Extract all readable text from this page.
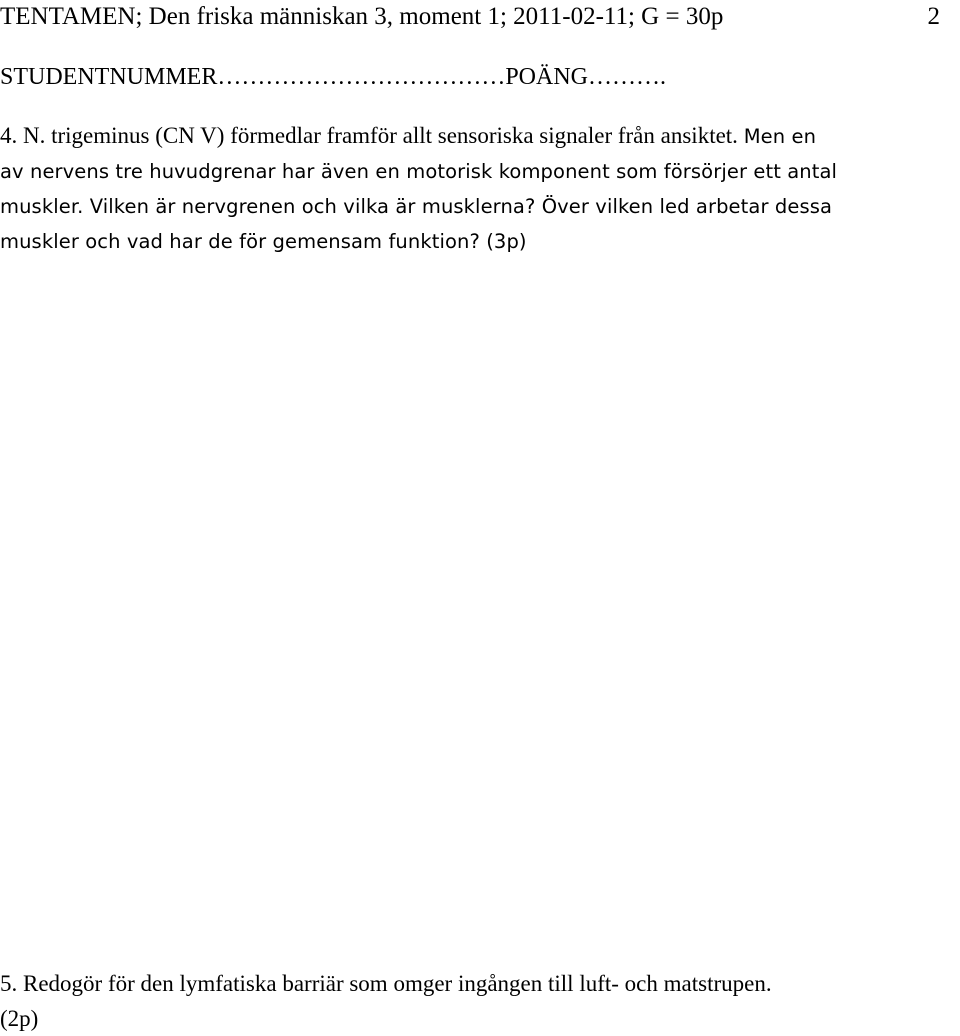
TENTAMEN; Den friska människan 3, moment 1; 2011-02-11; G = 30p	2
STUDENTNUMMER………………………………POÄNG……….
4. N. trigeminus (CN V) förmedlar framför allt sensoriska signaler från ansiktet. Men en
av nervens tre huvudgrenar har även en motorisk komponent som försörjer ett antal
muskler. Vilken är nervgrenen och vilka är musklerna? Över vilken led arbetar dessa
muskler och vad har de för gemensam funktion? (3p)
5. Redogör för den lymfatiska barriär som omger ingången till luft- och matstrupen.
(2p)
